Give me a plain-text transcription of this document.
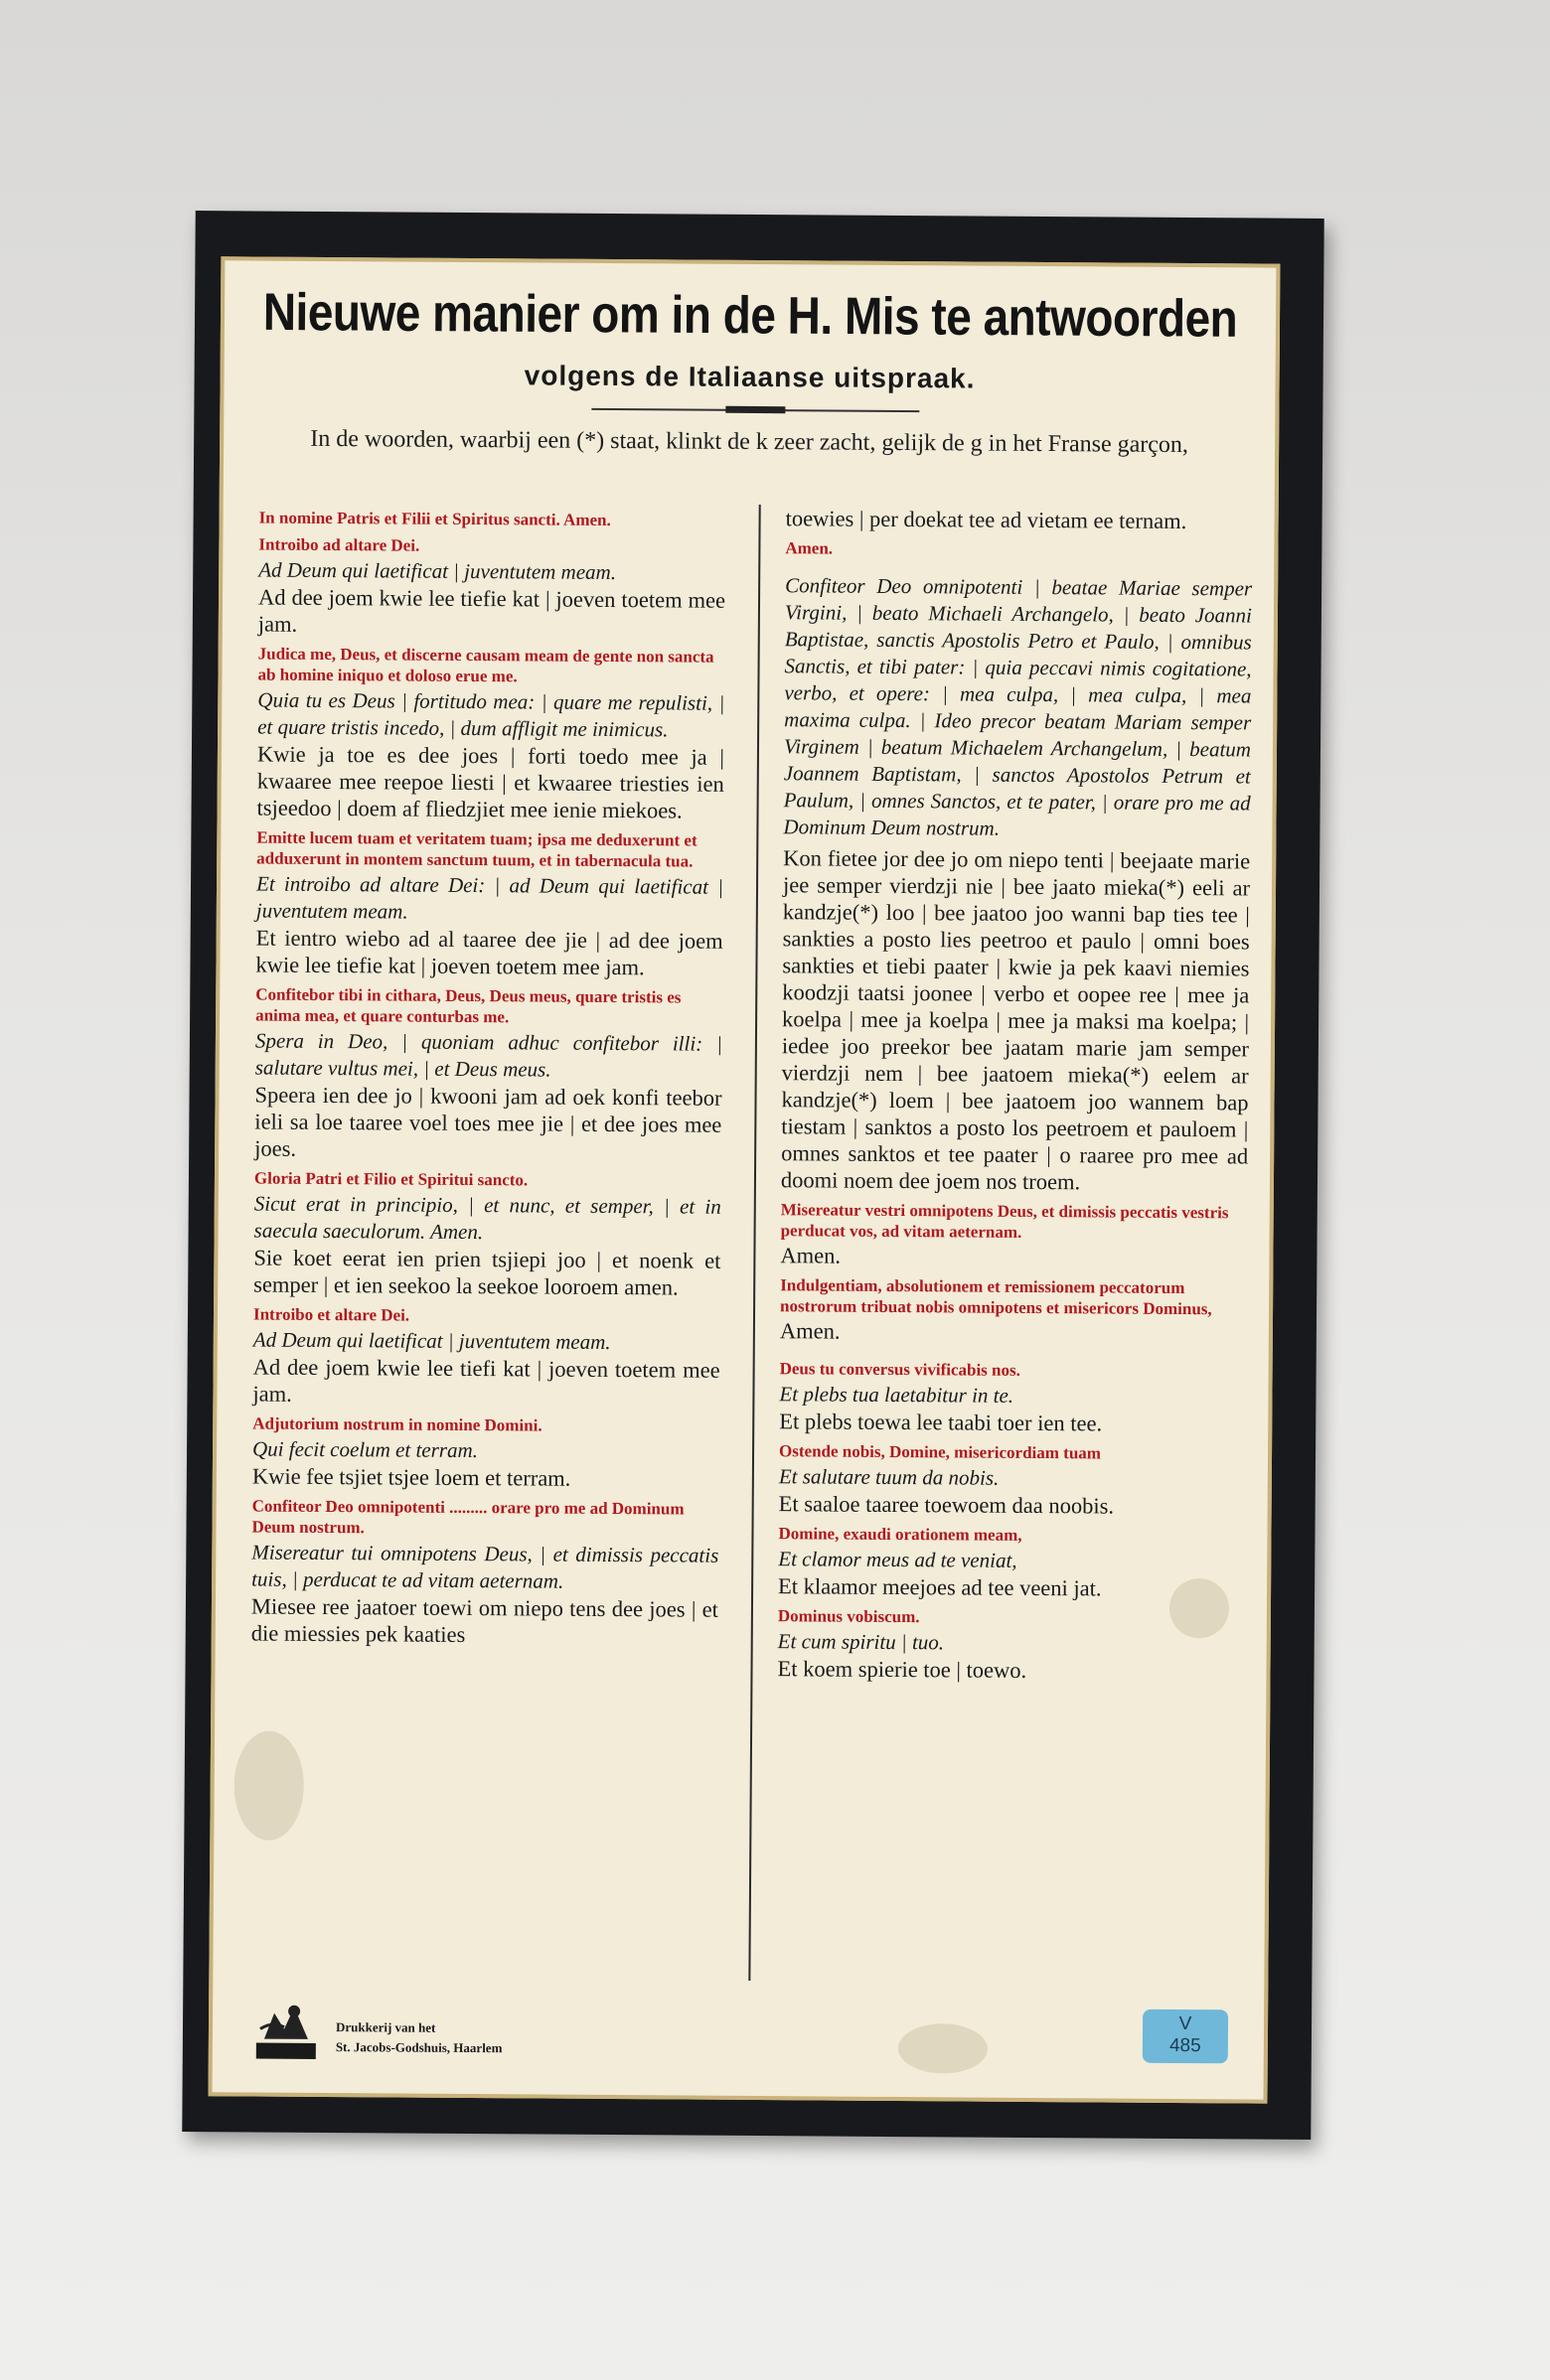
Nieuwe manier om in de H. Mis te antwoorden
volgens de Italiaanse uitspraak.
In de woorden, waarbij een (*) staat, klinkt de k zeer zacht, gelijk de g in het Franse garçon,
In nomine Patris et Filii et Spiritus sancti. Amen.
Introibo ad altare Dei.

Ad Deum qui laetificat | juventutem meam.

Ad dee joem kwie lee tiefie kat | joeven toetem mee jam.

Judica me, Deus, et discerne causam meam de gente non sancta ab homine iniquo et doloso erue me.

Quia tu es Deus | fortitudo mea: | quare me repulisti, | et quare tristis incedo, | dum affligit me inimicus.

Kwie ja toe es dee joes | forti toedo mee ja | kwaaree mee reepoe liesti | et kwaaree triesties ien tsjeedoo | doem af fliedzjiet mee ienie miekoes.

Emitte lucem tuam et veritatem tuam; ipsa me deduxerunt et adduxerunt in montem sanctum tuum, et in tabernacula tua.

Et introibo ad altare Dei: | ad Deum qui laetificat | juventutem meam.

Et ientro wiebo ad al taaree dee jie | ad dee joem kwie lee tiefie kat | joeven toetem mee jam.

Confitebor tibi in cithara, Deus, Deus meus, quare tristis es anima mea, et quare conturbas me.

Spera in Deo, | quoniam adhuc confitebor illi: | salutare vultus mei, | et Deus meus.

Speera ien dee jo | kwooni jam ad oek konfi teebor ieli sa loe taaree voel toes mee jie | et dee joes mee joes.

Gloria Patri et Filio et Spiritui sancto.

Sicut erat in principio, | et nunc, et semper, | et in saecula saeculorum. Amen.

Sie koet eerat ien prien tsjiepi joo | et noenk et semper | et ien seekoo la seekoe looroem amen.

Introibo et altare Dei.

Ad Deum qui laetificat | juventutem meam.

Ad dee joem kwie lee tiefi kat | joeven toetem mee jam.

Adjutorium nostrum in nomine Domini.

Qui fecit coelum et terram.

Kwie fee tsjiet tsjee loem et terram.

Confiteor Deo omnipotenti ......... orare pro me ad Dominum Deum nostrum.

Misereatur tui omnipotens Deus, | et dimissis peccatis tuis, | perducat te ad vitam aeternam.

Miesee ree jaatoer toewi om niepo tens dee joes | et die miessies pek kaaties

toewies | per doekat tee ad vietam ee ternam.

Amen.

Confiteor Deo omnipotenti | beatae Mariae semper Virgini, | beato Michaeli Archangelo, | beato Joanni Baptistae, sanctis Apostolis Petro et Paulo, | omnibus Sanctis, et tibi pater: | quia peccavi nimis cogitatione, verbo, et opere: | mea culpa, | mea culpa, | mea maxima culpa. | Ideo precor beatam Mariam semper Virginem | beatum Michaelem Archangelum, | beatum Joannem Baptistam, | sanctos Apostolos Petrum et Paulum, | omnes Sanctos, et te pater, | orare pro me ad Dominum Deum nostrum.

Kon fietee jor dee jo om niepo tenti | beejaate marie jee semper vierdzji nie | bee jaato mieka(*) eeli ar kandzje(*) loo | bee jaatoo joo wanni bap ties tee | sankties a posto lies peetroo et paulo | omni boes sankties et tiebi paater | kwie ja pek kaavi niemies koodzji taatsi joonee | verbo et oopee ree | mee ja koelpa | mee ja koelpa | mee ja maksi ma koelpa; | iedee joo preekor bee jaatam marie jam semper vierdzji nem | bee jaatoem mieka(*) eelem ar kandzje(*) loem | bee jaatoem joo wannem bap tiestam | sanktos a posto los peetroem et pauloem | omnes sanktos et tee paater | o raaree pro mee ad doomi noem dee joem nos troem.

Misereatur vestri omnipotens Deus, et dimissis peccatis vestris perducat vos, ad vitam aeternam.
Amen.
Indulgentiam, absolutionem et remissionem peccatorum nostrorum tribuat nobis omnipotens et misericors Dominus,
Amen.
Deus tu conversus vivificabis nos.

Et plebs tua laetabitur in te.

Et plebs toewa lee taabi toer ien tee.

Ostende nobis, Domine, misericordiam tuam

Et salutare tuum da nobis.

Et saaloe taaree toewoem daa noobis.

Domine, exaudi orationem meam,

Et clamor meus ad te veniat,

Et klaamor meejoes ad tee veeni jat.

Dominus vobiscum.

Et cum spiritu | tuo.

Et koem spierie toe | toewo.

Drukkerij van het
St. Jacobs-Godshuis, Haarlem
V
485
